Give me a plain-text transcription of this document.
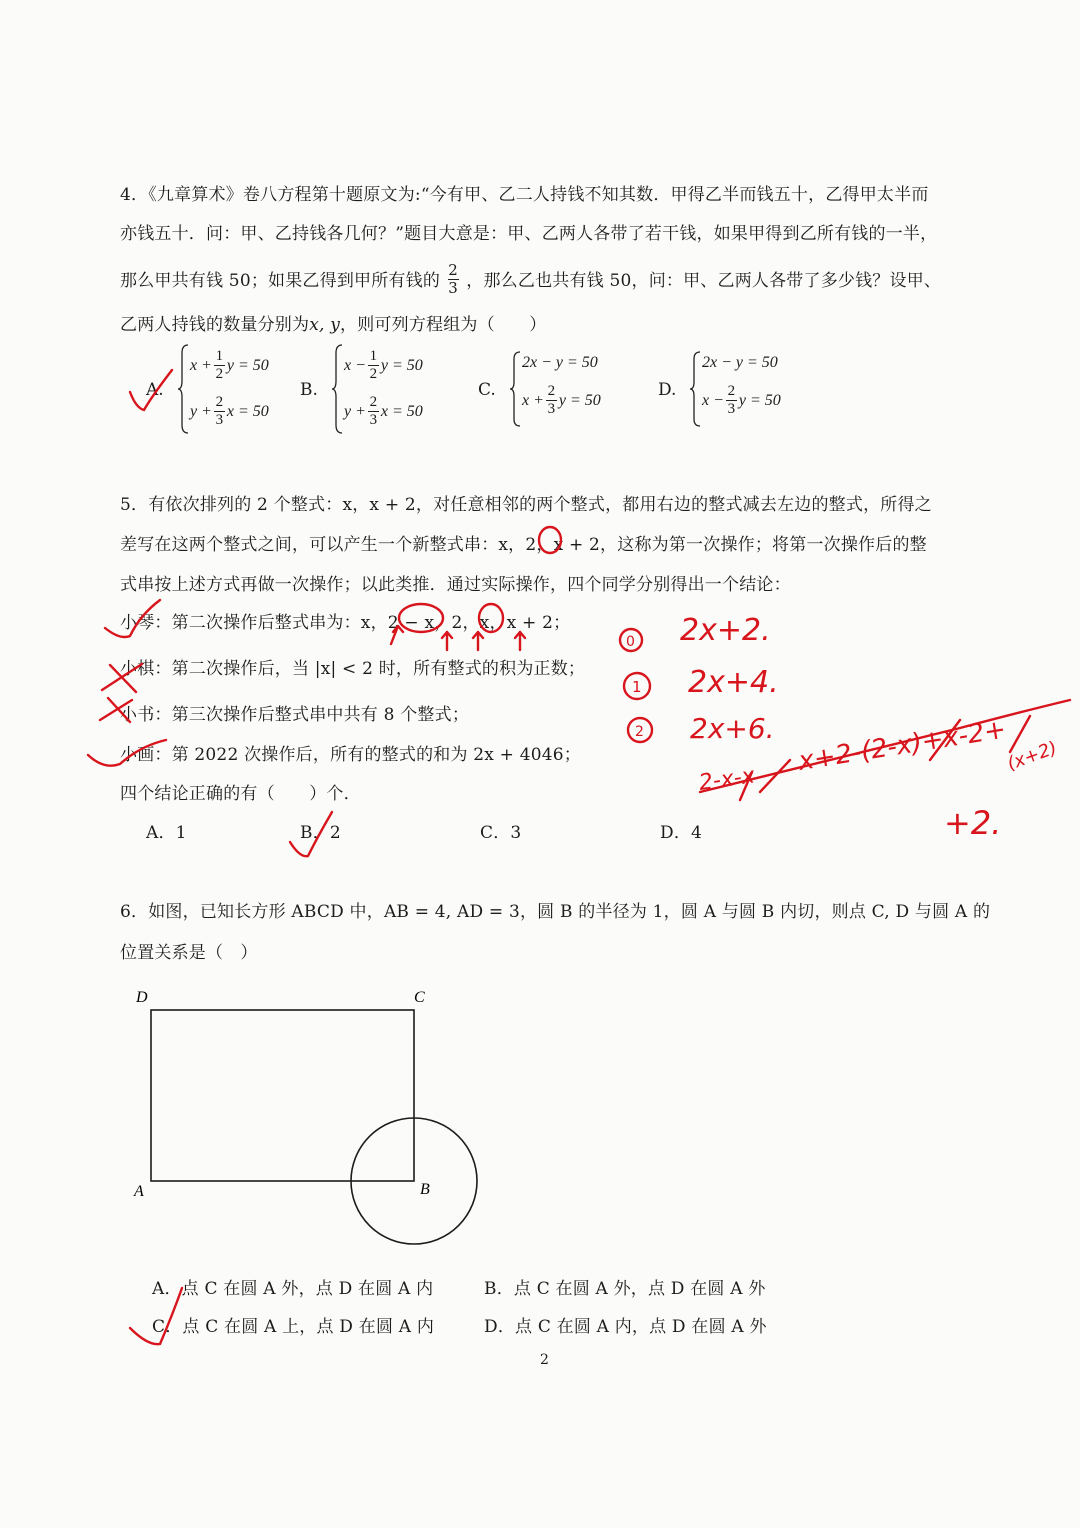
4．《九章算术》卷八方程第十题原文为:“今有甲、乙二人持钱不知其数．甲得乙半而钱五十，乙得甲太半而
亦钱五十．问：甲、乙持钱各几何？”题目大意是：甲、乙两人各带了若干钱，如果甲得到乙所有钱的一半，
那么甲共有钱 50；如果乙得到甲所有钱的 $\frac{2}{3}$ ，那么乙也共有钱 50，问：甲、乙两人各带了多少钱？设甲、
乙两人持钱的数量分别为x, y，则可列方程组为（　　）
A.
$x + \frac{1}{2}$ y = 50
$y + \frac{2}{3}$ x = 50
B.
$x - \frac{1}{2}$ y = 50
$y + \frac{2}{3}$ x = 50
C.
2x − y = 50
$x + \frac{2}{3}$ y = 50	D.
2x − y = 50
$x - \frac{2}{3}$ y = 50
5．有依次排列的 2 个整式：x，x + 2，对任意相邻的两个整式，都用右边的整式减去左边的整式，所得之
差写在这两个整式之间，可以产生一个新整式串：x，2，x + 2，这称为第一次操作；将第一次操作后的整
式串按上述方式再做一次操作；以此类推．通过实际操作，四个同学分别得出一个结论：
小琴：第二次操作后整式串为：x，2 − x，2，x，x + 2；
小棋：第二次操作后，当 |x| < 2 时，所有整式的积为正数；
小书：第三次操作后整式串中共有 8 个整式；
小画：第 2022 次操作后，所有的整式的和为 2x + 4046；
四个结论正确的有（　　）个．
A．1	B．2	C．3	D．4
6．如图，已知长方形 ABCD 中，AB = 4, AD = 3，圆 B 的半径为 1，圆 A 与圆 B 内切，则点 C, D 与圆 A 的
位置关系是（　）
D	C
A	B
A．点 C 在圆 A 外，点 D 在圆 A 内	B．点 C 在圆 A 外，点 D 在圆 A 外
C．点 C 在圆 A 上，点 D 在圆 A 内	D．点 C 在圆 A 内，点 D 在圆 A 外
2
0
1
2
2x+2.
2x+4.
2x+6. x+2-(2-x)+x-2+
2-x-x
(x+2)
+2.
